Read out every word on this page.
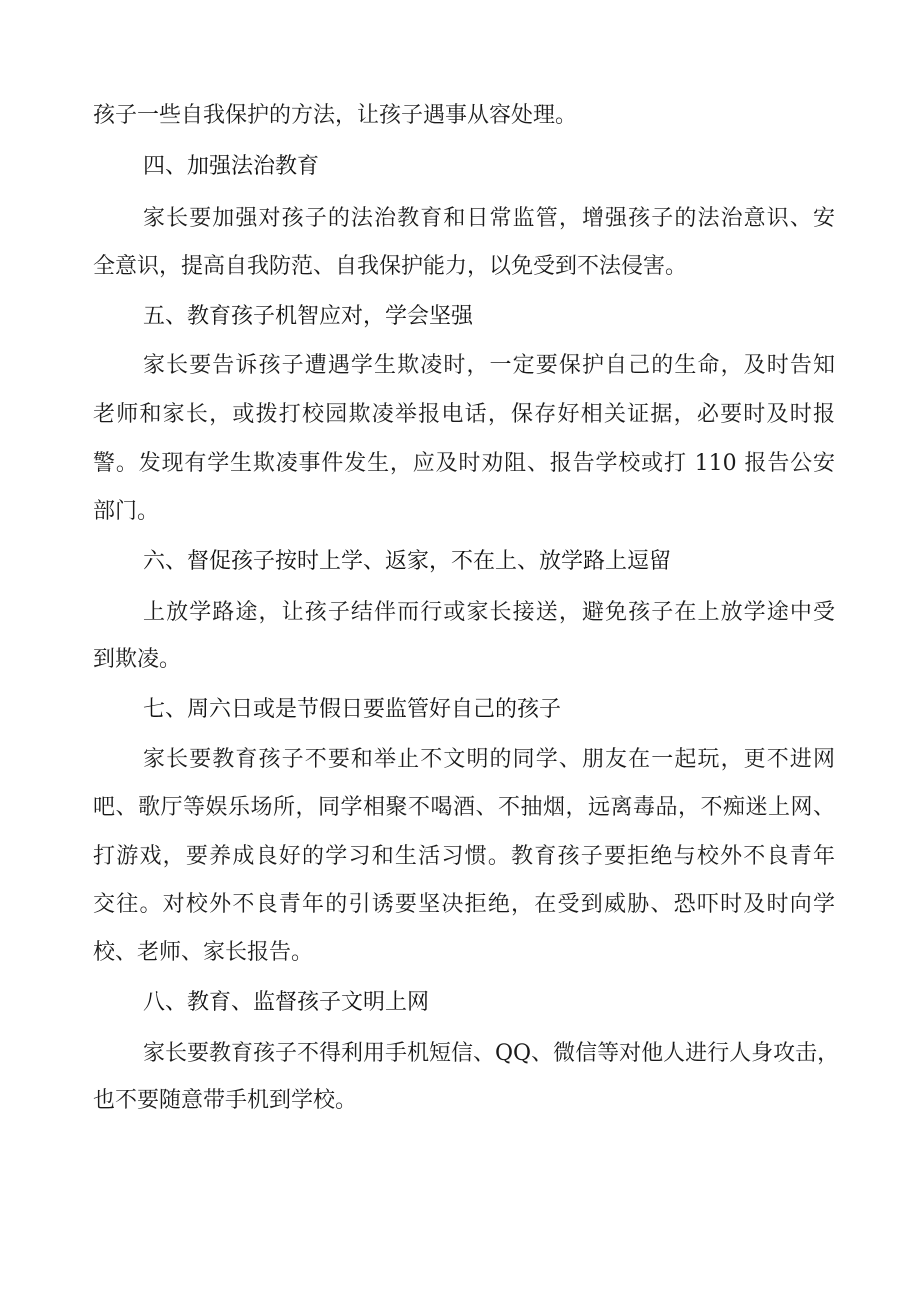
孩子一些自我保护的方法，让孩子遇事从容处理。
四、加强法治教育
家长要加强对孩子的法治教育和日常监管，增强孩子的法治意识、安
全意识，提高自我防范、自我保护能力，以免受到不法侵害。
五、教育孩子机智应对，学会坚强
家长要告诉孩子遭遇学生欺凌时，一定要保护自己的生命，及时告知
老师和家长，或拨打校园欺凌举报电话，保存好相关证据，必要时及时报
警。发现有学生欺凌事件发生，应及时劝阻、报告学校或打 110 报告公安
部门。
六、督促孩子按时上学、返家，不在上、放学路上逗留
上放学路途，让孩子结伴而行或家长接送，避免孩子在上放学途中受
到欺凌。
七、周六日或是节假日要监管好自己的孩子
家长要教育孩子不要和举止不文明的同学、朋友在一起玩，更不进网
吧、歌厅等娱乐场所，同学相聚不喝酒、不抽烟，远离毒品，不痴迷上网、
打游戏，要养成良好的学习和生活习惯。教育孩子要拒绝与校外不良青年
交往。对校外不良青年的引诱要坚决拒绝，在受到威胁、恐吓时及时向学
校、老师、家长报告。
八、教育、监督孩子文明上网
家长要教育孩子不得利用手机短信、QQ、微信等对他人进行人身攻击，
也不要随意带手机到学校。
